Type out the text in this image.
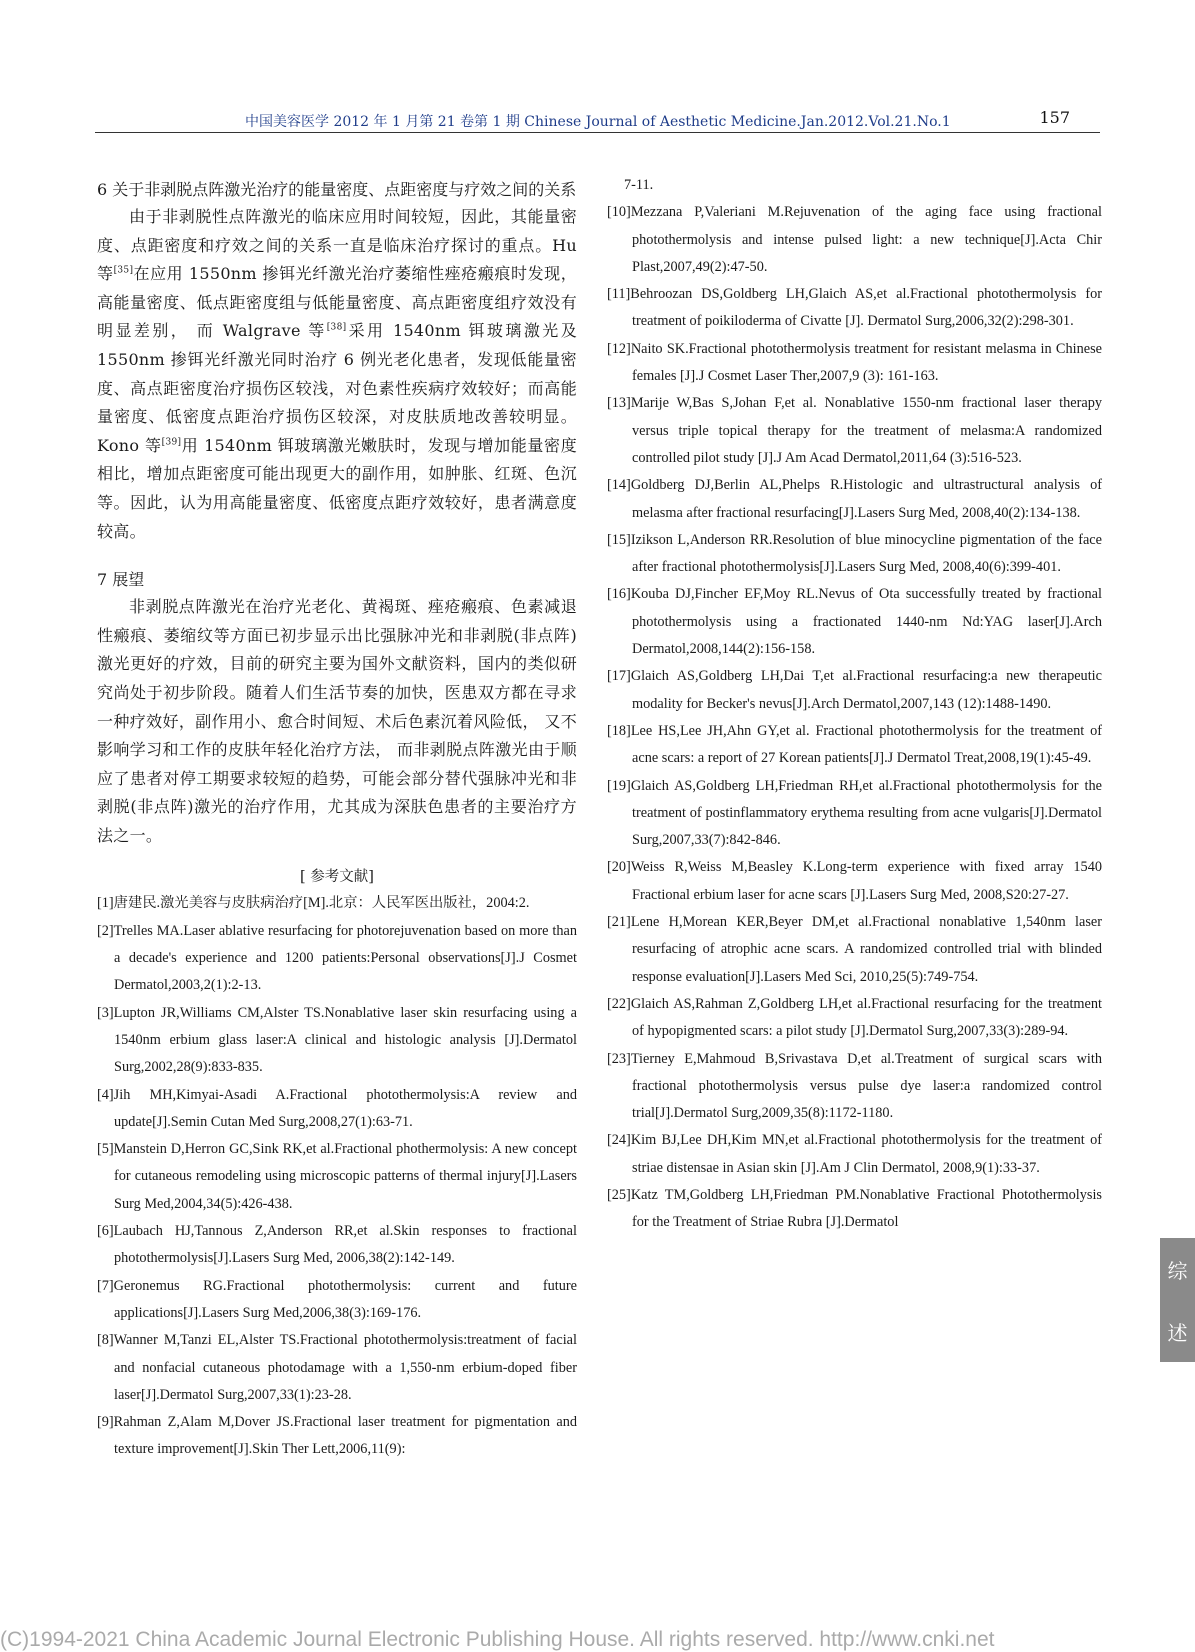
中国美容医学 2012 年 1 月第 21 卷第 1 期 Chinese Journal of Aesthetic Medicine.Jan.2012.Vol.21.No.1	157

6 关于非剥脱点阵激光治疗的能量密度、点距密度与疗效之间的关系

由于非剥脱性点阵激光的临床应用时间较短，因此，其能量密度、点距密度和疗效之间的关系一直是临床治疗探讨的重点。Hu 等[35]在应用 1550nm 掺铒光纤激光治疗萎缩性痤疮瘢痕时发现，高能量密度、低点距密度组与低能量密度、高点距密度组疗效没有明显差别， 而 Walgrave 等[38]采用 1540nm 铒玻璃激光及 1550nm 掺铒光纤激光同时治疗 6 例光老化患者，发现低能量密度、高点距密度治疗损伤区较浅，对色素性疾病疗效较好；而高能量密度、低密度点距治疗损伤区较深，对皮肤质地改善较明显。Kono 等[39]用 1540nm 铒玻璃激光嫩肤时，发现与增加能量密度相比，增加点距密度可能出现更大的副作用，如肿胀、红斑、色沉等。因此，认为用高能量密度、低密度点距疗效较好，患者满意度较高。

7 展望

非剥脱点阵激光在治疗光老化、黄褐斑、痤疮瘢痕、色素减退性瘢痕、萎缩纹等方面已初步显示出比强脉冲光和非剥脱(非点阵)激光更好的疗效，目前的研究主要为国外文献资料，国内的类似研究尚处于初步阶段。随着人们生活节奏的加快，医患双方都在寻求一种疗效好，副作用小、愈合时间短、术后色素沉着风险低， 又不影响学习和工作的皮肤年轻化治疗方法， 而非剥脱点阵激光由于顺应了患者对停工期要求较短的趋势，可能会部分替代强脉冲光和非剥脱(非点阵)激光的治疗作用，尤其成为深肤色患者的主要治疗方法之一。

[ 参考文献]

[1]唐建民.激光美容与皮肤病治疗[M].北京：人民军医出版社，2004:2.

[2]Trelles MA.Laser ablative resurfacing for photorejuvenation based on more than a decade's experience and 1200 patients:Personal observations[J].J Cosmet Dermatol,2003,2(1):2-13.

[3]Lupton JR,Williams CM,Alster TS.Nonablative laser skin resurfacing using a 1540nm erbium glass laser:A clinical and histologic analysis [J].Dermatol Surg,2002,28(9):833-835.

[4]Jih MH,Kimyai-Asadi A.Fractional photothermolysis:A review and update[J].Semin Cutan Med Surg,2008,27(1):63-71.

[5]Manstein D,Herron GC,Sink RK,et al.Fractional phothermolysis: A new concept for cutaneous remodeling using microscopic patterns of thermal injury[J].Lasers Surg Med,2004,34(5):426-438.

[6]Laubach HJ,Tannous Z,Anderson RR,et al.Skin responses to fractional photothermolysis[J].Lasers Surg Med, 2006,38(2):142-149.

[7]Geronemus RG.Fractional photothermolysis: current and future applications[J].Lasers Surg Med,2006,38(3):169-176.

[8]Wanner M,Tanzi EL,Alster TS.Fractional photothermolysis:treatment of facial and nonfacial cutaneous photodamage with a 1,550-nm erbium-doped fiber laser[J].Dermatol Surg,2007,33(1):23-28.

[9]Rahman Z,Alam M,Dover JS.Fractional laser treatment for pigmentation and texture improvement[J].Skin Ther Lett,2006,11(9):

7-11.

[10]Mezzana P,Valeriani M.Rejuvenation of the aging face using fractional photothermolysis and intense pulsed light: a new technique[J].Acta Chir Plast,2007,49(2):47-50.

[11]Behroozan DS,Goldberg LH,Glaich AS,et al.Fractional photothermolysis for treatment of poikiloderma of Civatte [J]. Dermatol Surg,2006,32(2):298-301.

[12]Naito SK.Fractional photothermolysis treatment for resistant melasma in Chinese females [J].J Cosmet Laser Ther,2007,9 (3): 161-163.

[13]Marije W,Bas S,Johan F,et al. Nonablative 1550-nm fractional laser therapy versus triple topical therapy for the treatment of melasma:A randomized controlled pilot study [J].J Am Acad Dermatol,2011,64 (3):516-523.

[14]Goldberg DJ,Berlin AL,Phelps R.Histologic and ultrastructural analysis of melasma after fractional resurfacing[J].Lasers Surg Med, 2008,40(2):134-138.

[15]Izikson L,Anderson RR.Resolution of blue minocycline pigmentation of the face after fractional photothermolysis[J].Lasers Surg Med, 2008,40(6):399-401.

[16]Kouba DJ,Fincher EF,Moy RL.Nevus of Ota successfully treated by fractional photothermolysis using a fractionated 1440-nm Nd:YAG laser[J].Arch Dermatol,2008,144(2):156-158.

[17]Glaich AS,Goldberg LH,Dai T,et al.Fractional resurfacing:a new therapeutic modality for Becker's nevus[J].Arch Dermatol,2007,143 (12):1488-1490.

[18]Lee HS,Lee JH,Ahn GY,et al. Fractional photothermolysis for the treatment of acne scars: a report of 27 Korean patients[J].J Dermatol Treat,2008,19(1):45-49.

[19]Glaich AS,Goldberg LH,Friedman RH,et al.Fractional photothermolysis for the treatment of postinflammatory erythema resulting from acne vulgaris[J].Dermatol Surg,2007,33(7):842-846.

[20]Weiss R,Weiss M,Beasley K.Long-term experience with fixed array 1540 Fractional erbium laser for acne scars [J].Lasers Surg Med, 2008,S20:27-27.

[21]Lene H,Morean KER,Beyer DM,et al.Fractional nonablative 1,540nm laser resurfacing of atrophic acne scars. A randomized controlled trial with blinded response evaluation[J].Lasers Med Sci, 2010,25(5):749-754.

[22]Glaich AS,Rahman Z,Goldberg LH,et al.Fractional resurfacing for the treatment of hypopigmented scars: a pilot study [J].Dermatol Surg,2007,33(3):289-94.

[23]Tierney E,Mahmoud B,Srivastava D,et al.Treatment of surgical scars with fractional photothermolysis versus pulse dye laser:a randomized control trial[J].Dermatol Surg,2009,35(8):1172-1180.

[24]Kim BJ,Lee DH,Kim MN,et al.Fractional photothermolysis for the treatment of striae distensae in Asian skin [J].Am J Clin Dermatol, 2008,9(1):33-37.

[25]Katz TM,Goldberg LH,Friedman PM.Nonablative Fractional Photothermolysis for the Treatment of Striae Rubra [J].Dermatol

综
述
(C)1994-2021 China Academic Journal Electronic Publishing House. All rights reserved. http://www.cnki.net
